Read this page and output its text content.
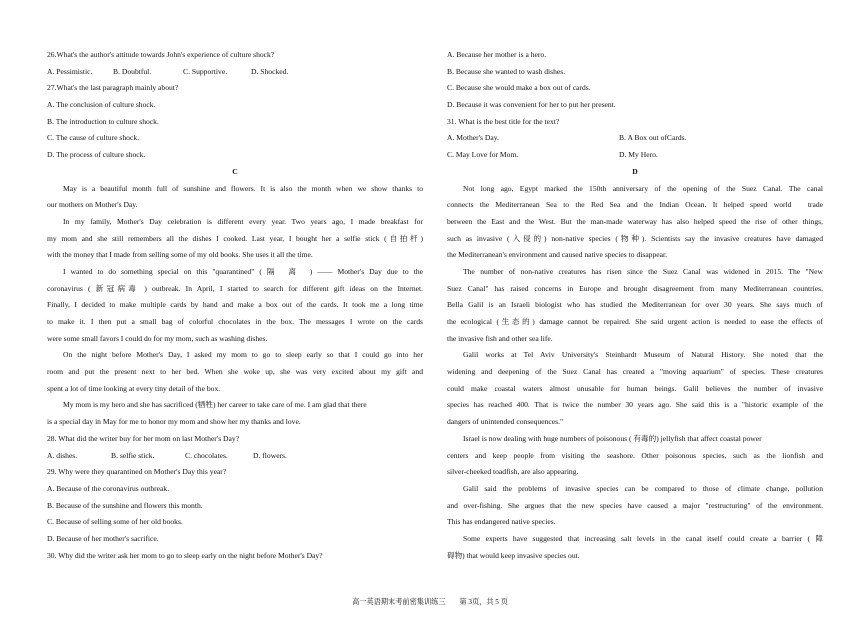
26.What's the author's attitude towards John's experience of culture shock?
A. Pessimistic.	B. Doubtful.	C. Supportive.	D. Shocked.
27.What's the last paragraph mainly about?
A. The conclusion of culture shock.
B. The introduction to culture shock.
C. The cause of culture shock.
D. The process of culture shock.
C
May is a beautiful month full of sunshine and flowers. It is also the month when we show thanks to
our mothers on Mother's Day.
In my family, Mother's Day celebration is different every year. Two years ago, I made breakfast for
my mom and she still remembers all the dishes I cooked. Last year, I bought her a selfie stick (自拍杆)
with the money that I made from selling some of my old books. She uses it all the time.
I wanted to do something special on this "quarantined" ( 隔　离　) —— Mother's Day due to the
coronavirus ( 新冠病毒 ) outbreak. In April, I started to search for different gift ideas on the Internet.
Finally, I decided to make multiple cards by hand and make a box out of the cards. It took me a long time
to make it. I then put a small bag of colorful chocolates in the box. The messages I wrote on the cards
were some small favors I could do for my mom, such as washing dishes.
On the night before Mother's Day, I asked my mom to go to sleep early so that I could go into her
room and put the present next to her bed. When she woke up, she was very excited about my gift and
spent a lot of time looking at every tiny detail of the box.
My mom is my hero and she has sacrificed (牺牲) her career to take care of me. I am glad that there
is a special day in May for me to honor my mom and show her my thanks and love.
28. What did the writer buy for her mom on last Mother's Day?
A. dishes.	B. selfie stick.	C. chocolates.	D. flowers.
29. Why were they quarantined on Mother's Day this year?
A. Because of the coronavirus outbreak.
B. Because of the sunshine and flowers this month.
C. Because of selling some of her old books.
D. Because of her mother's sacrifice.
30. Why did the writer ask her mom to go to sleep early on the night before Mother's Day?
A. Because her mother is a hero.
B. Because she wanted to wash dishes.
C. Because she would make a box out of cards.
D. Because it was convenient for her to put her present.
31. What is the best title for the text?
A. Mother's Day.	B. A Box out ofCards.
C. May Love for Mom.	D. My Hero.
D
Not long ago, Egypt marked the 150th anniversary of the opening of the Suez Canal. The canal
connects the Mediterranean Sea to the Red Sea and the Indian Ocean. It helped speed world　trade
between the East and the West. But the man-made waterway has also helped speed the rise of other things,
such as invasive (入侵的) non-native species (物种). Scientists say the invasive creatures have damaged
the Mediterranean's environment and caused native species to disappear.
The number of non-native creatures has risen since the Suez Canal was widened in 2015. The "New
Suez Canal" has raised concerns in Europe and brought disagreement from many Mediterranean countries.
Bella Galil is an Israeli biologist who has studied the Mediterranean for over 30 years. She says much of
the ecological (生态的) damage cannot be repaired. She said urgent action is needed to ease the effects of
the invasive fish and other sea life.
Galil works at Tel Aviv University's Steinhardt Museum of Natural History. She noted that the
widening and deepening of the Suez Canal has created a "moving aquarium" of species. These creatures
could make coastal waters almost unusable for human beings. Galil believes the number of invasive
species has reached 400. That is twice the number 30 years ago. She said this is a "historic example of the
dangers of unintended consequences."
Israel is now dealing with huge numbers of poisonous ( 有毒的) jellyfish that affect coastal power
centers and keep people from visiting the seashore. Other poisonous species, such as the lionfish and
silver-cheeked toadfish, are also appearing.
Galil said the problems of invasive species can be compared to those of climate change, pollution
and over-fishing. She argues that the new species have caused a major "restructuring" of the environment.
This has endangered native species.
Some experts have suggested that increasing salt levels in the canal itself could create a barrier ( 障
碍物) that would keep invasive species out.
高一英语期末考前密集训练三 第 3页，共 5 页
